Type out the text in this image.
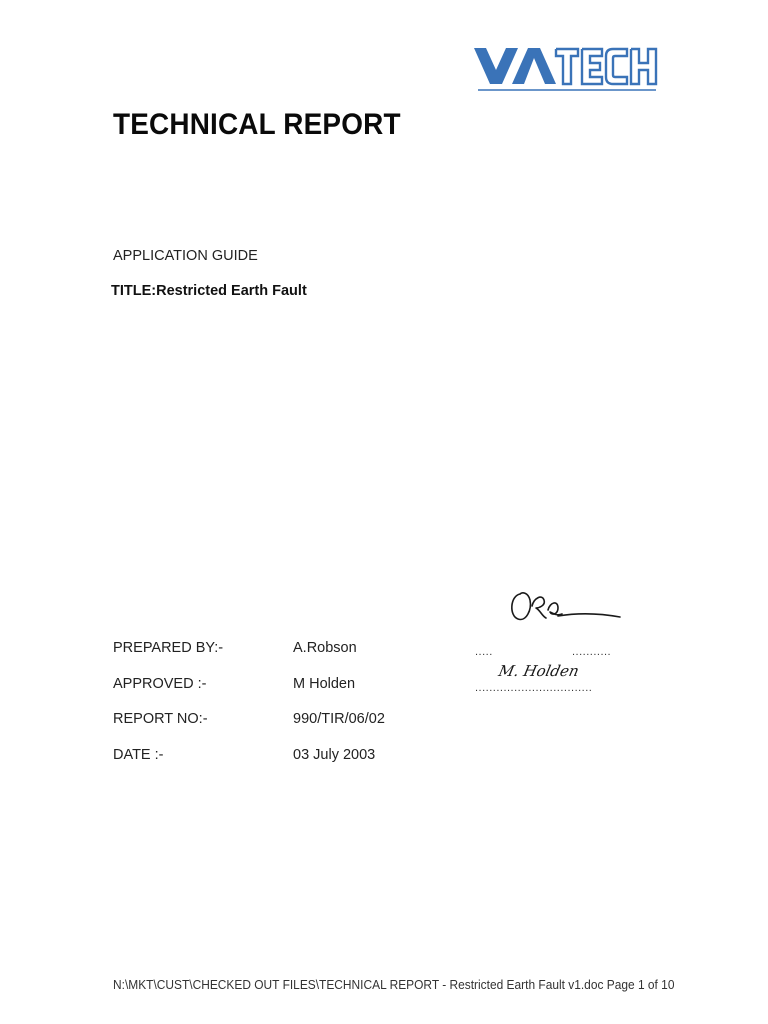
TECHNICAL REPORT
APPLICATION GUIDE
TITLE:Restricted Earth Fault
PREPARED BY:-	A.Robson	.....	...........
M. Holden
APPROVED :-	M Holden	.................................
REPORT NO:-	990/TIR/06/02
DATE :-	03 July 2003
N:\MKT\CUST\CHECKED OUT FILES\TECHNICAL REPORT - Restricted Earth Fault v1.doc Page 1 of 10
